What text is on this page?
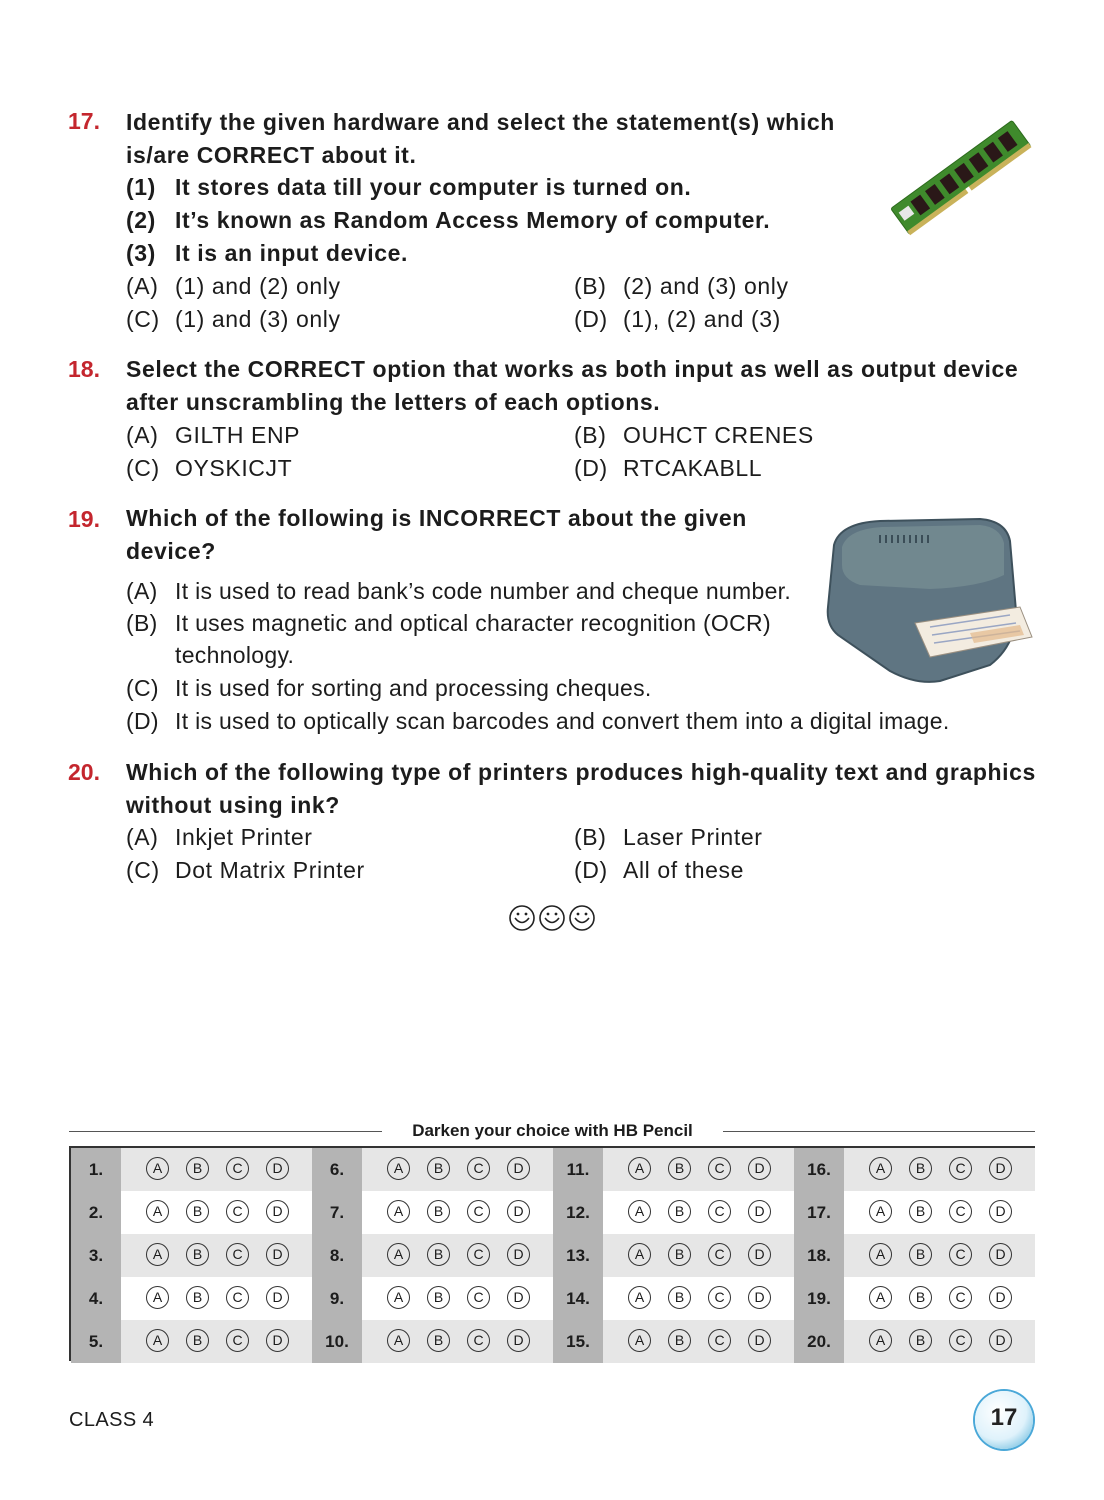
17. Identify the given hardware and select the statement(s) which
is/are CORRECT about it.
(1) It stores data till your computer is turned on.
(2) It’s known as Random Access Memory of computer.
(3) It is an input device.
(A) (1) and (2) only	(B) (2) and (3) only
(C) (1) and (3) only	(D) (1), (2) and (3)
18. Select the CORRECT option that works as both input as well as output device
after unscrambling the letters of each options.
(A) GILTH ENP	(B) OUHCT CRENES
(C) OYSKICJT	(D) RTCAKABLL
19. Which of the following is INCORRECT about the given
device?
(A) It is used to read bank’s code number and cheque number.
(B) It uses magnetic and optical character recognition (OCR) technology.
(C) It is used for sorting and processing cheques.
(D) It is used to optically scan barcodes and convert them into a digital image.
20. Which of the following type of printers produces high-quality text and graphics
without using ink?
(A) Inkjet Printer	(B) Laser Printer
(C) Dot Matrix Printer	(D) All of these
Darken your choice with HB Pencil
1.	A	B	C	D	6.	A	B	C	D	11.	A	B	C	D	16.	A	B	C	D
2.	A	B	C	D	7.	A	B	C	D	12.	A	B	C	D	17.	A	B	C	D
3.	A	B	C	D	8.	A	B	C	D	13.	A	B	C	D	18.	A	B	C	D
4.	A	B	C	D	9.	A	B	C	D	14.	A	B	C	D	19.	A	B	C	D
5.	A	B	C	D	10.	A	B	C	D	15.	A	B	C	D	20.	A	B	C	D
CLASS 4	17
